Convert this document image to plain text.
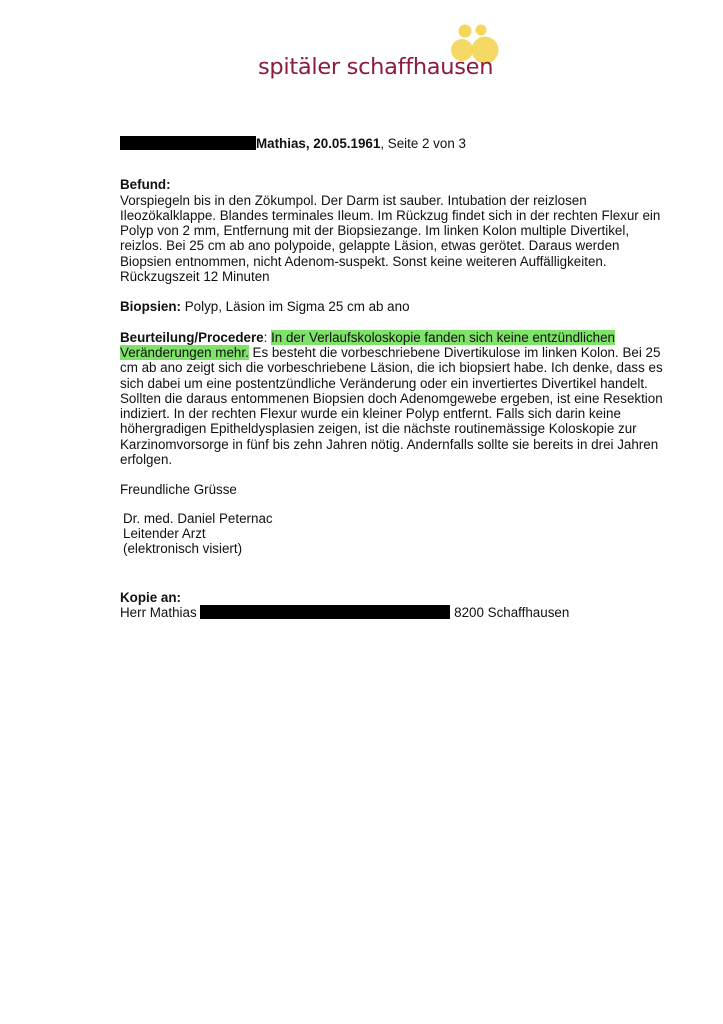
spitäler schaffhausen

Mathias, 20.05.1961, Seite 2 von 3

Befund:

Vorspiegeln bis in den Zökumpol. Der Darm ist sauber. Intubation der reizlosen Ileozökalklappe. Blandes terminales Ileum. Im Rückzug findet sich in der rechten Flexur ein Polyp von 2 mm, Entfernung mit der Biopsiezange. Im linken Kolon multiple Divertikel, reizlos. Bei 25 cm ab ano polypoide, gelappte Läsion, etwas gerötet. Daraus werden Biopsien entnommen, nicht Adenom-suspekt. Sonst keine weiteren Auffälligkeiten. Rückzugszeit 12 Minuten

Biopsien: Polyp, Läsion im Sigma 25 cm ab ano

Beurteilung/Procedere: In der Verlaufskoloskopie fanden sich keine entzündlichen Veränderungen mehr. Es besteht die vorbeschriebene Divertikulose im linken Kolon. Bei 25 cm ab ano zeigt sich die vorbeschriebene Läsion, die ich biopsiert habe. Ich denke, dass es sich dabei um eine postentzündliche Veränderung oder ein invertiertes Divertikel handelt. Sollten die daraus entommenen Biopsien doch Adenomgewebe ergeben, ist eine Resektion indiziert. In der rechten Flexur wurde ein kleiner Polyp entfernt. Falls sich darin keine höhergradigen Epitheldysplasien zeigen, ist die nächste routinemässige Koloskopie zur Karzinomvorsorge in fünf bis zehn Jahren nötig. Andernfalls sollte sie bereits in drei Jahren erfolgen.

Freundliche Grüsse

Dr. med. Daniel Peternac

Leitender Arzt

(elektronisch visiert)

Kopie an:

Herr Mathias	8200 Schaffhausen
